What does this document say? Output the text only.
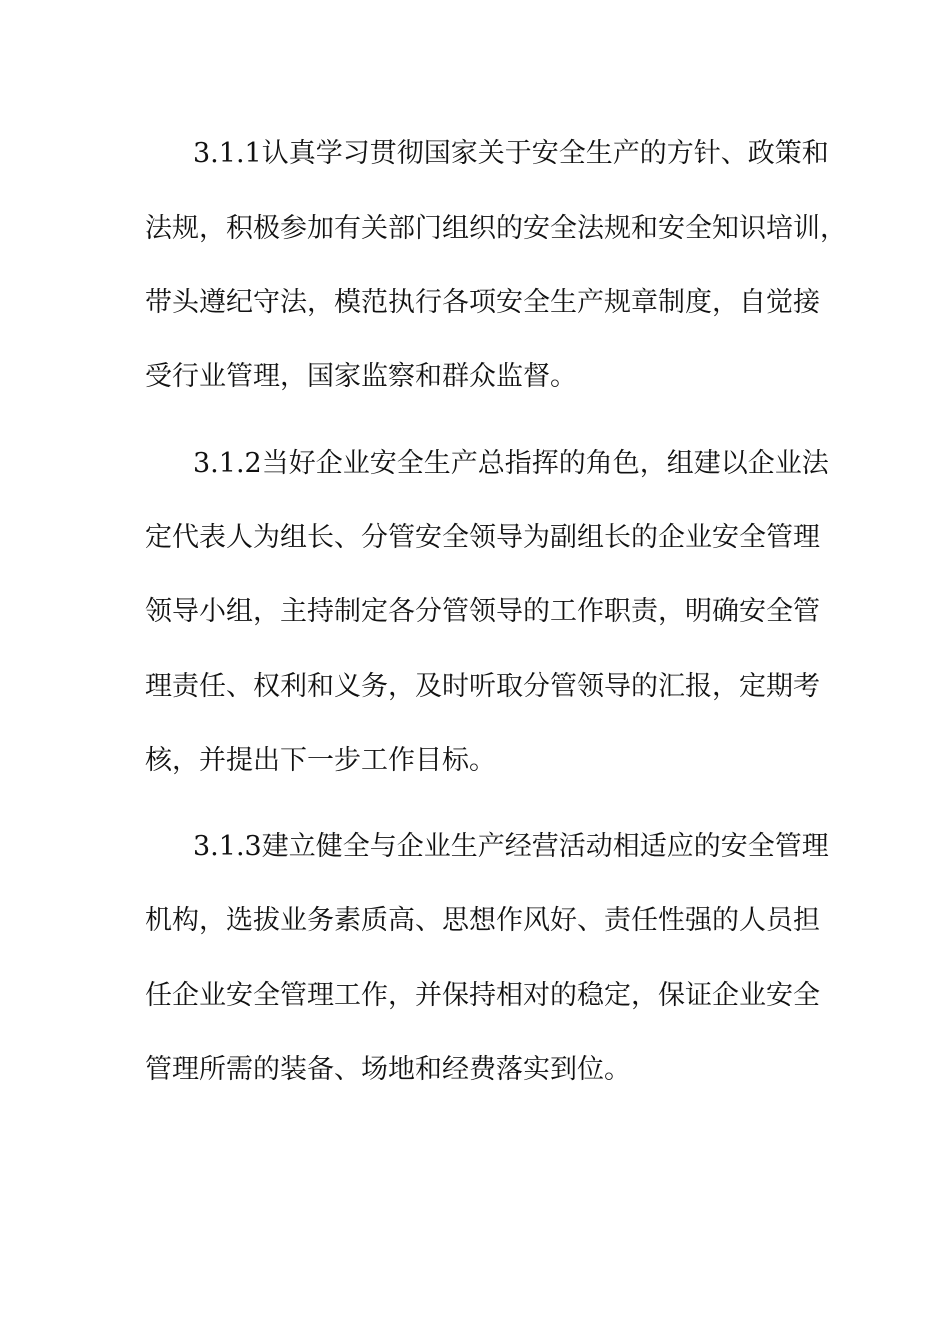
3.1.1认真学习贯彻国家关于安全生产的方针、政策和
法规，积极参加有关部门组织的安全法规和安全知识培训，
带头遵纪守法，模范执行各项安全生产规章制度，自觉接
受行业管理，国家监察和群众监督。
3.1.2当好企业安全生产总指挥的角色，组建以企业法
定代表人为组长、分管安全领导为副组长的企业安全管理
领导小组，主持制定各分管领导的工作职责，明确安全管
理责任、权利和义务，及时听取分管领导的汇报，定期考
核，并提出下一步工作目标。
3.1.3建立健全与企业生产经营活动相适应的安全管理
机构，选拔业务素质高、思想作风好、责任性强的人员担
任企业安全管理工作，并保持相对的稳定，保证企业安全
管理所需的装备、场地和经费落实到位。
